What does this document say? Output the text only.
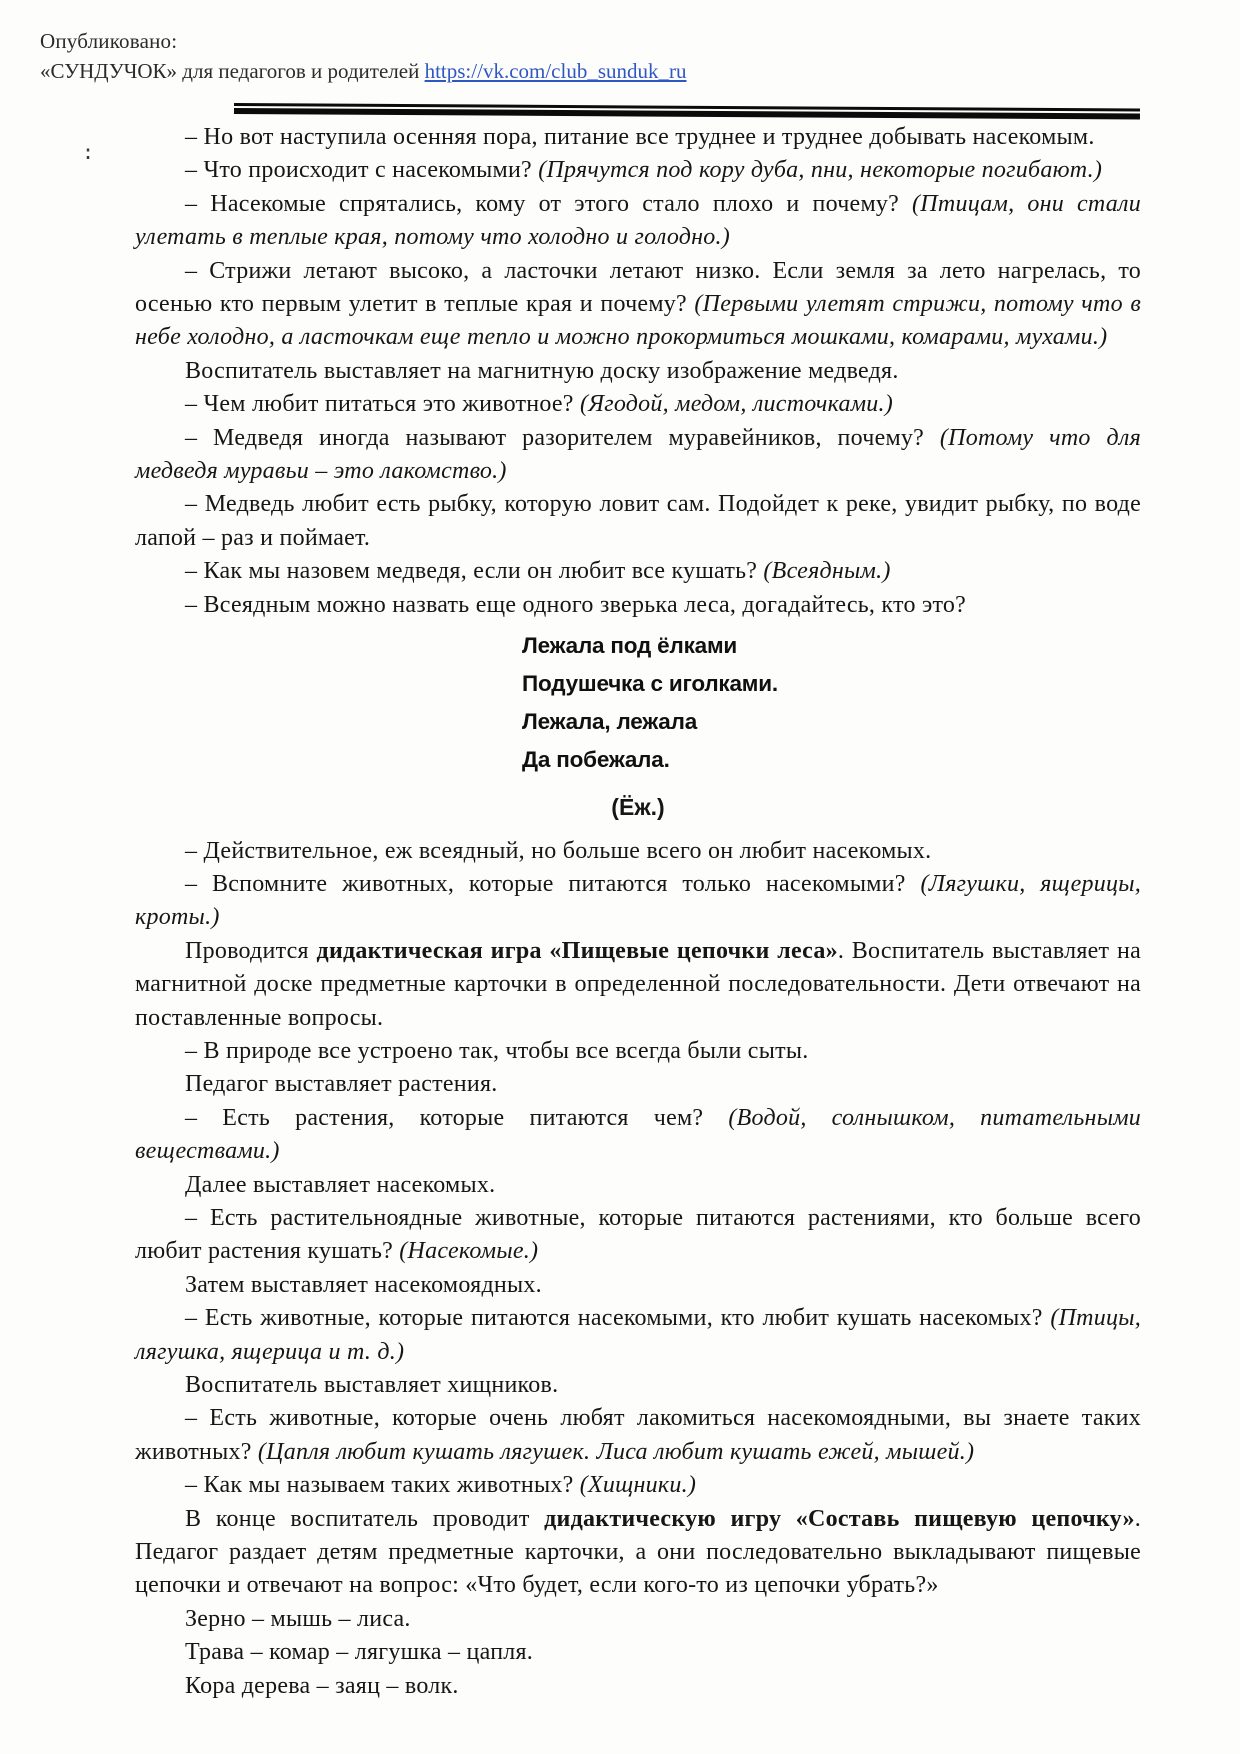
Опубликовано:
«СУНДУЧОК» для педагогов и родителей https://vk.com/club_sunduk_ru
:

– Но вот наступила осенняя пора, питание все труднее и труднее добывать насекомым.

– Что происходит с насекомыми? (Прячутся под кору дуба, пни, некоторые погибают.)

– Насекомые спрятались, кому от этого стало плохо и почему? (Птицам, они стали улетать в теплые края, потому что холодно и голодно.)

– Стрижи летают высоко, а ласточки летают низко. Если земля за лето нагрелась, то осенью кто первым улетит в теплые края и почему? (Первыми улетят стрижи, потому что в небе холодно, а ласточкам еще тепло и можно прокормиться мошками, комарами, мухами.)

Воспитатель выставляет на магнитную доску изображение медведя.

– Чем любит питаться это животное? (Ягодой, медом, листочками.)

– Медведя иногда называют разорителем муравейников, почему? (Потому что для медведя муравьи – это лакомство.)

– Медведь любит есть рыбку, которую ловит сам. Подойдет к реке, увидит рыбку, по воде лапой – раз и поймает.

– Как мы назовем медведя, если он любит все кушать? (Всеядным.)

– Всеядным можно назвать еще одного зверька леса, догадайтесь, кто это?

Лежала под ёлками
Подушечка с иголками.
Лежала, лежала
Да побежала.

(Ёж.)

– Действительное, еж всеядный, но больше всего он любит насекомых.

– Вспомните животных, которые питаются только насекомыми? (Лягушки, ящерицы, кроты.)

Проводится дидактическая игра «Пищевые цепочки леса». Воспитатель выставляет на магнитной доске предметные карточки в определенной последовательности. Дети отвечают на поставленные вопросы.

– В природе все устроено так, чтобы все всегда были сыты.

Педагог выставляет растения.

– Есть растения, которые питаются чем? (Водой, солнышком, питательными веществами.)

Далее выставляет насекомых.

– Есть растительноядные животные, которые питаются растениями, кто больше всего любит растения кушать? (Насекомые.)

Затем выставляет насекомоядных.

– Есть животные, которые питаются насекомыми, кто любит кушать насекомых? (Птицы, лягушка, ящерица и т. д.)

Воспитатель выставляет хищников.

– Есть животные, которые очень любят лакомиться насекомоядными, вы знаете таких животных? (Цапля любит кушать лягушек. Лиса любит кушать ежей, мышей.)

– Как мы называем таких животных? (Хищники.)

В конце воспитатель проводит дидактическую игру «Составь пищевую цепочку». Педагог раздает детям предметные карточки, а они последовательно выкладывают пищевые цепочки и отвечают на вопрос: «Что будет, если кого-то из цепочки убрать?»

Зерно – мышь – лиса.

Трава – комар – лягушка – цапля.

Кора дерева – заяц – волк.
